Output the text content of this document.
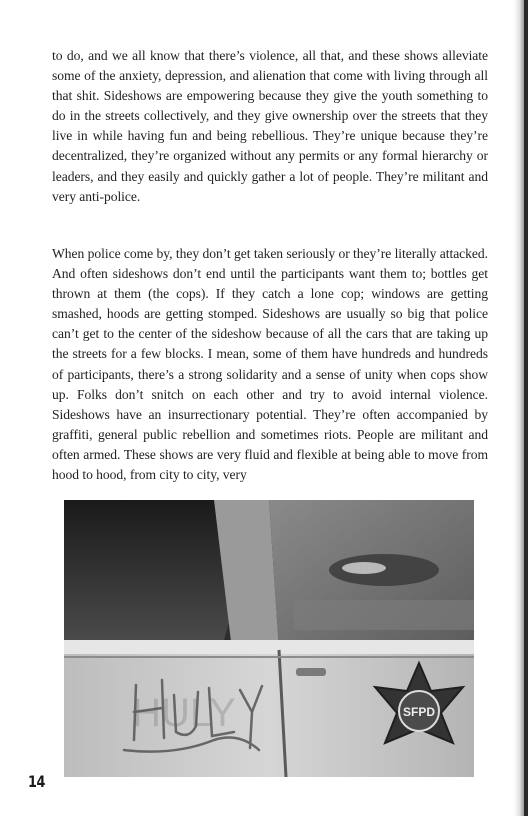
to do, and we all know that there’s violence, all that, and these shows alleviate some of the anxiety, depression, and alienation that come with living through all that shit. Sideshows are empowering because they give the youth something to do in the streets collectively, and they give ownership over the streets that they live in while having fun and being rebellious. They’re unique because they’re decentralized, they’re organized without any permits or any formal hierarchy or leaders, and they easily and quickly gather a lot of people. They’re militant and very anti-police.

When police come by, they don’t get taken seriously or they’re literally attacked. And often sideshows don’t end until the participants want them to; bottles get thrown at them (the cops). If they catch a lone cop; windows are getting smashed, hoods are getting stomped. Sideshows are usually so big that police can’t get to the center of the sideshow because of all the cars that are taking up the streets for a few blocks. I mean, some of them have hundreds and hundreds of participants, there’s a strong solidarity and a sense of unity when cops show up. Folks don’t snitch on each other and try to avoid internal violence. Sideshows have an insurrectionary potential. They’re often accompanied by graffiti, general public rebellion and sometimes riots. People are militant and often armed. These shows are very fluid and flexible at being able to move from hood to hood, from city to city, very

SFPD
HULY
14
